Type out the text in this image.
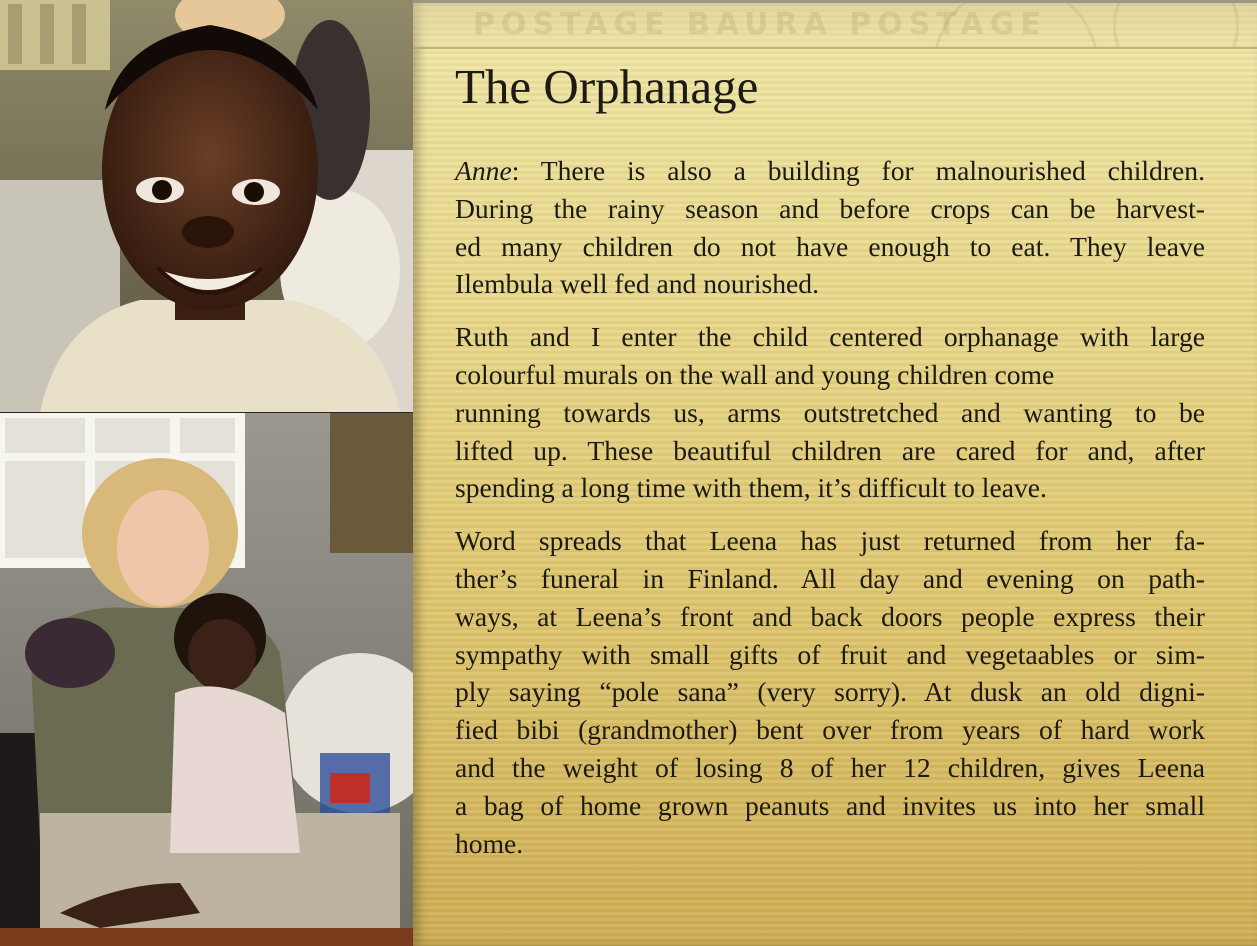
POSTAGE BAURA POSTAGE
The Orphanage

Anne: There is also a building for malnourished children.
During the rainy season and before crops can be harvest-
ed many children do not have enough to eat. They leave
Ilembula well fed and nourished.

Ruth and I enter the child centered orphanage with large
colourful murals on the wall and young children come
running towards us, arms outstretched and wanting to be
lifted up. These beautiful children are cared for and, after
spending a long time with them, it’s difficult to leave.

Word spreads that Leena has just returned from her fa-
ther’s funeral in Finland. All day and evening on path-
ways, at Leena’s front and back doors people express their
sympathy with small gifts of fruit and vegetaables or sim-
ply saying “pole sana” (very sorry). At dusk an old digni-
fied bibi (grandmother) bent over from years of hard work
and the weight of losing 8 of her 12 children, gives Leena
a bag of home grown peanuts and invites us into her small
home.
